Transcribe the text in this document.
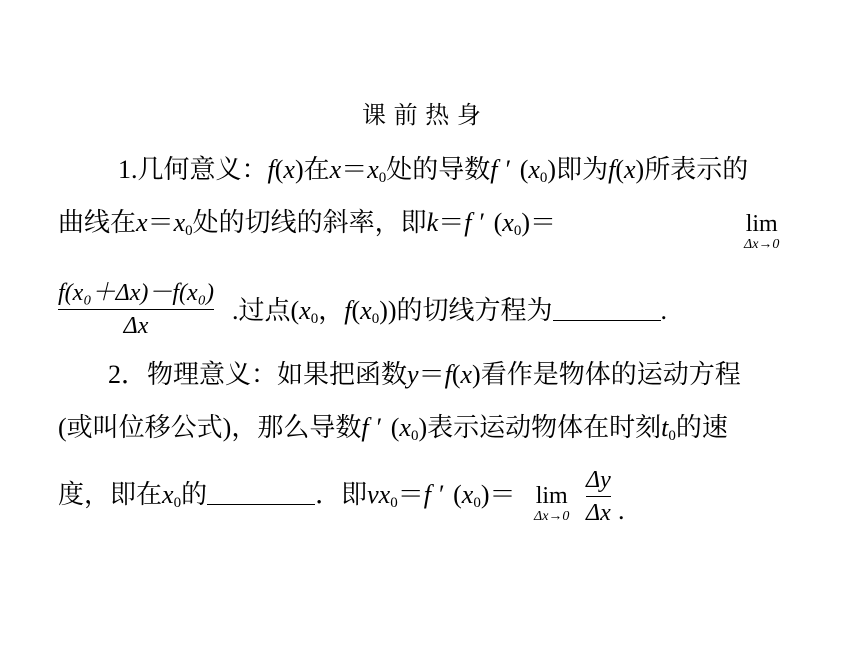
课 前 热 身
1.几何意义：f(x)在$x=x_0$处的导数f ′ $(x_0)$即为f(x)所表示的
曲线在$x=x_0$处的切线的斜率，即k＝f ′ $(x_0)=$	lim
Δx→0
$\frac{\text{f(x₀＋Δx)－f(x₀)}}{\Delta x}$ .过点($x_0$，$f(x_0)$)的切线方程为	.
2．物理意义：如果把函数y＝f(x)看作是物体的运动方程
(或叫位移公式)，那么导数f ′ $(x_0)$表示运动物体在时刻$t_0$的速
度，即在$x_0$的	．即$vx_0=f$ ′ $(x_0)= \lim$
$\Delta x\to 0 \frac{\Delta y}{\Delta x}$ .
